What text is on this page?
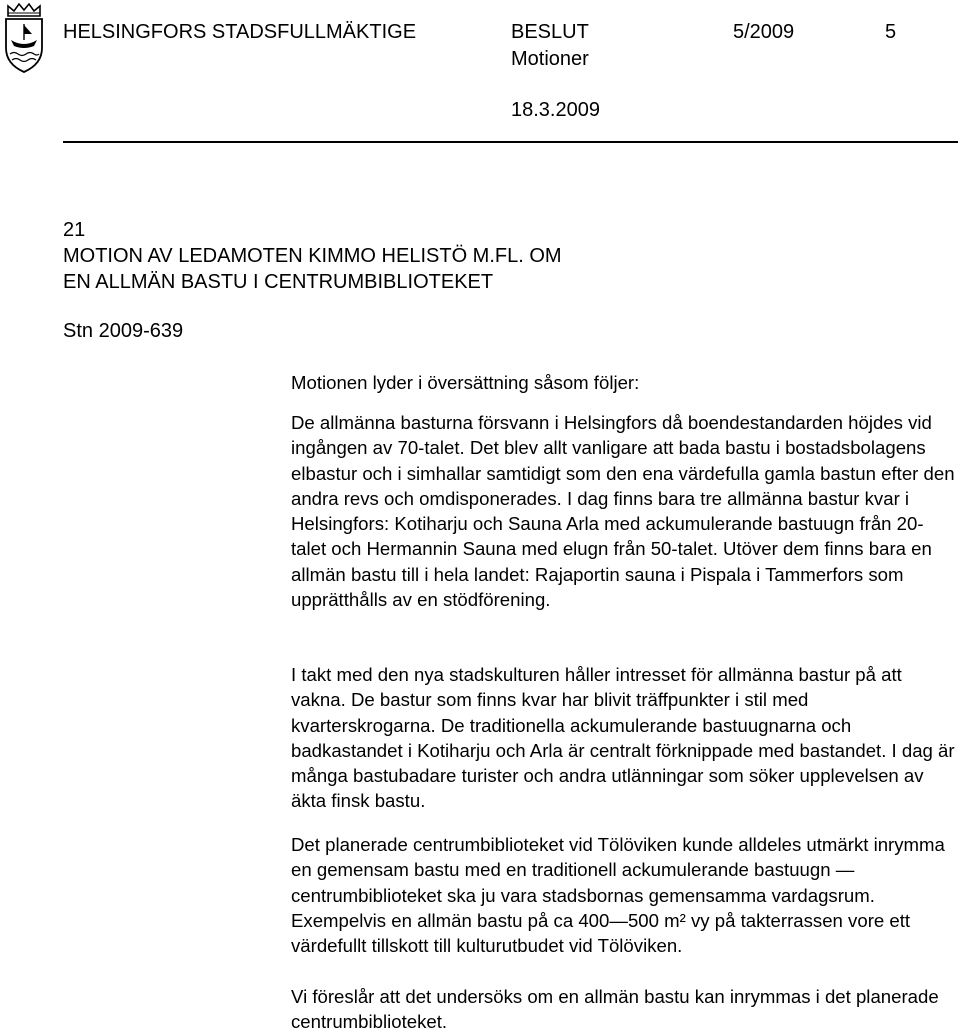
HELSINGFORS STADSFULLMÄKTIGE	BESLUT	5/2009	5
Motioner
18.3.2009
21
MOTION AV LEDAMOTEN KIMMO HELISTÖ M.FL. OM
EN ALLMÄN BASTU I CENTRUMBIBLIOTEKET
Stn 2009-639

Motionen lyder i översättning såsom följer:

De allmänna basturna försvann i Helsingfors då boendestandarden höjdes vid ingången av 70-talet. Det blev allt vanligare att bada bastu i bostadsbolagens elbastur och i simhallar samtidigt som den ena värdefulla gamla bastun efter den andra revs och omdisponerades. I dag finns bara tre allmänna bastur kvar i Helsingfors: Kotiharju och Sauna Arla med ackumulerande bastuugn från 20-talet och Hermannin Sauna med elugn från 50-talet. Utöver dem finns bara en allmän bastu till i hela landet: Rajaportin sauna i Pispala i Tammerfors som upprätthålls av en stödförening.

I takt med den nya stadskulturen håller intresset för allmänna bastur på att vakna. De bastur som finns kvar har blivit träffpunkter i stil med kvarterskrogarna. De traditionella ackumulerande bastuugnarna och badkastandet i Kotiharju och Arla är centralt förknippade med bastandet. I dag är många bastubadare turister och andra utlänningar som söker upplevelsen av äkta finsk bastu.

Det planerade centrumbiblioteket vid Tölöviken kunde alldeles utmärkt inrymma en gemensam bastu med en traditionell ackumulerande bastuugn — centrumbiblioteket ska ju vara stadsbornas gemensamma vardagsrum. Exempelvis en allmän bastu på ca 400—500 m² vy på takterrassen vore ett värdefullt tillskott till kulturutbudet vid Tölöviken.

Vi föreslår att det undersöks om en allmän bastu kan inrymmas i det planerade centrumbiblioteket.
